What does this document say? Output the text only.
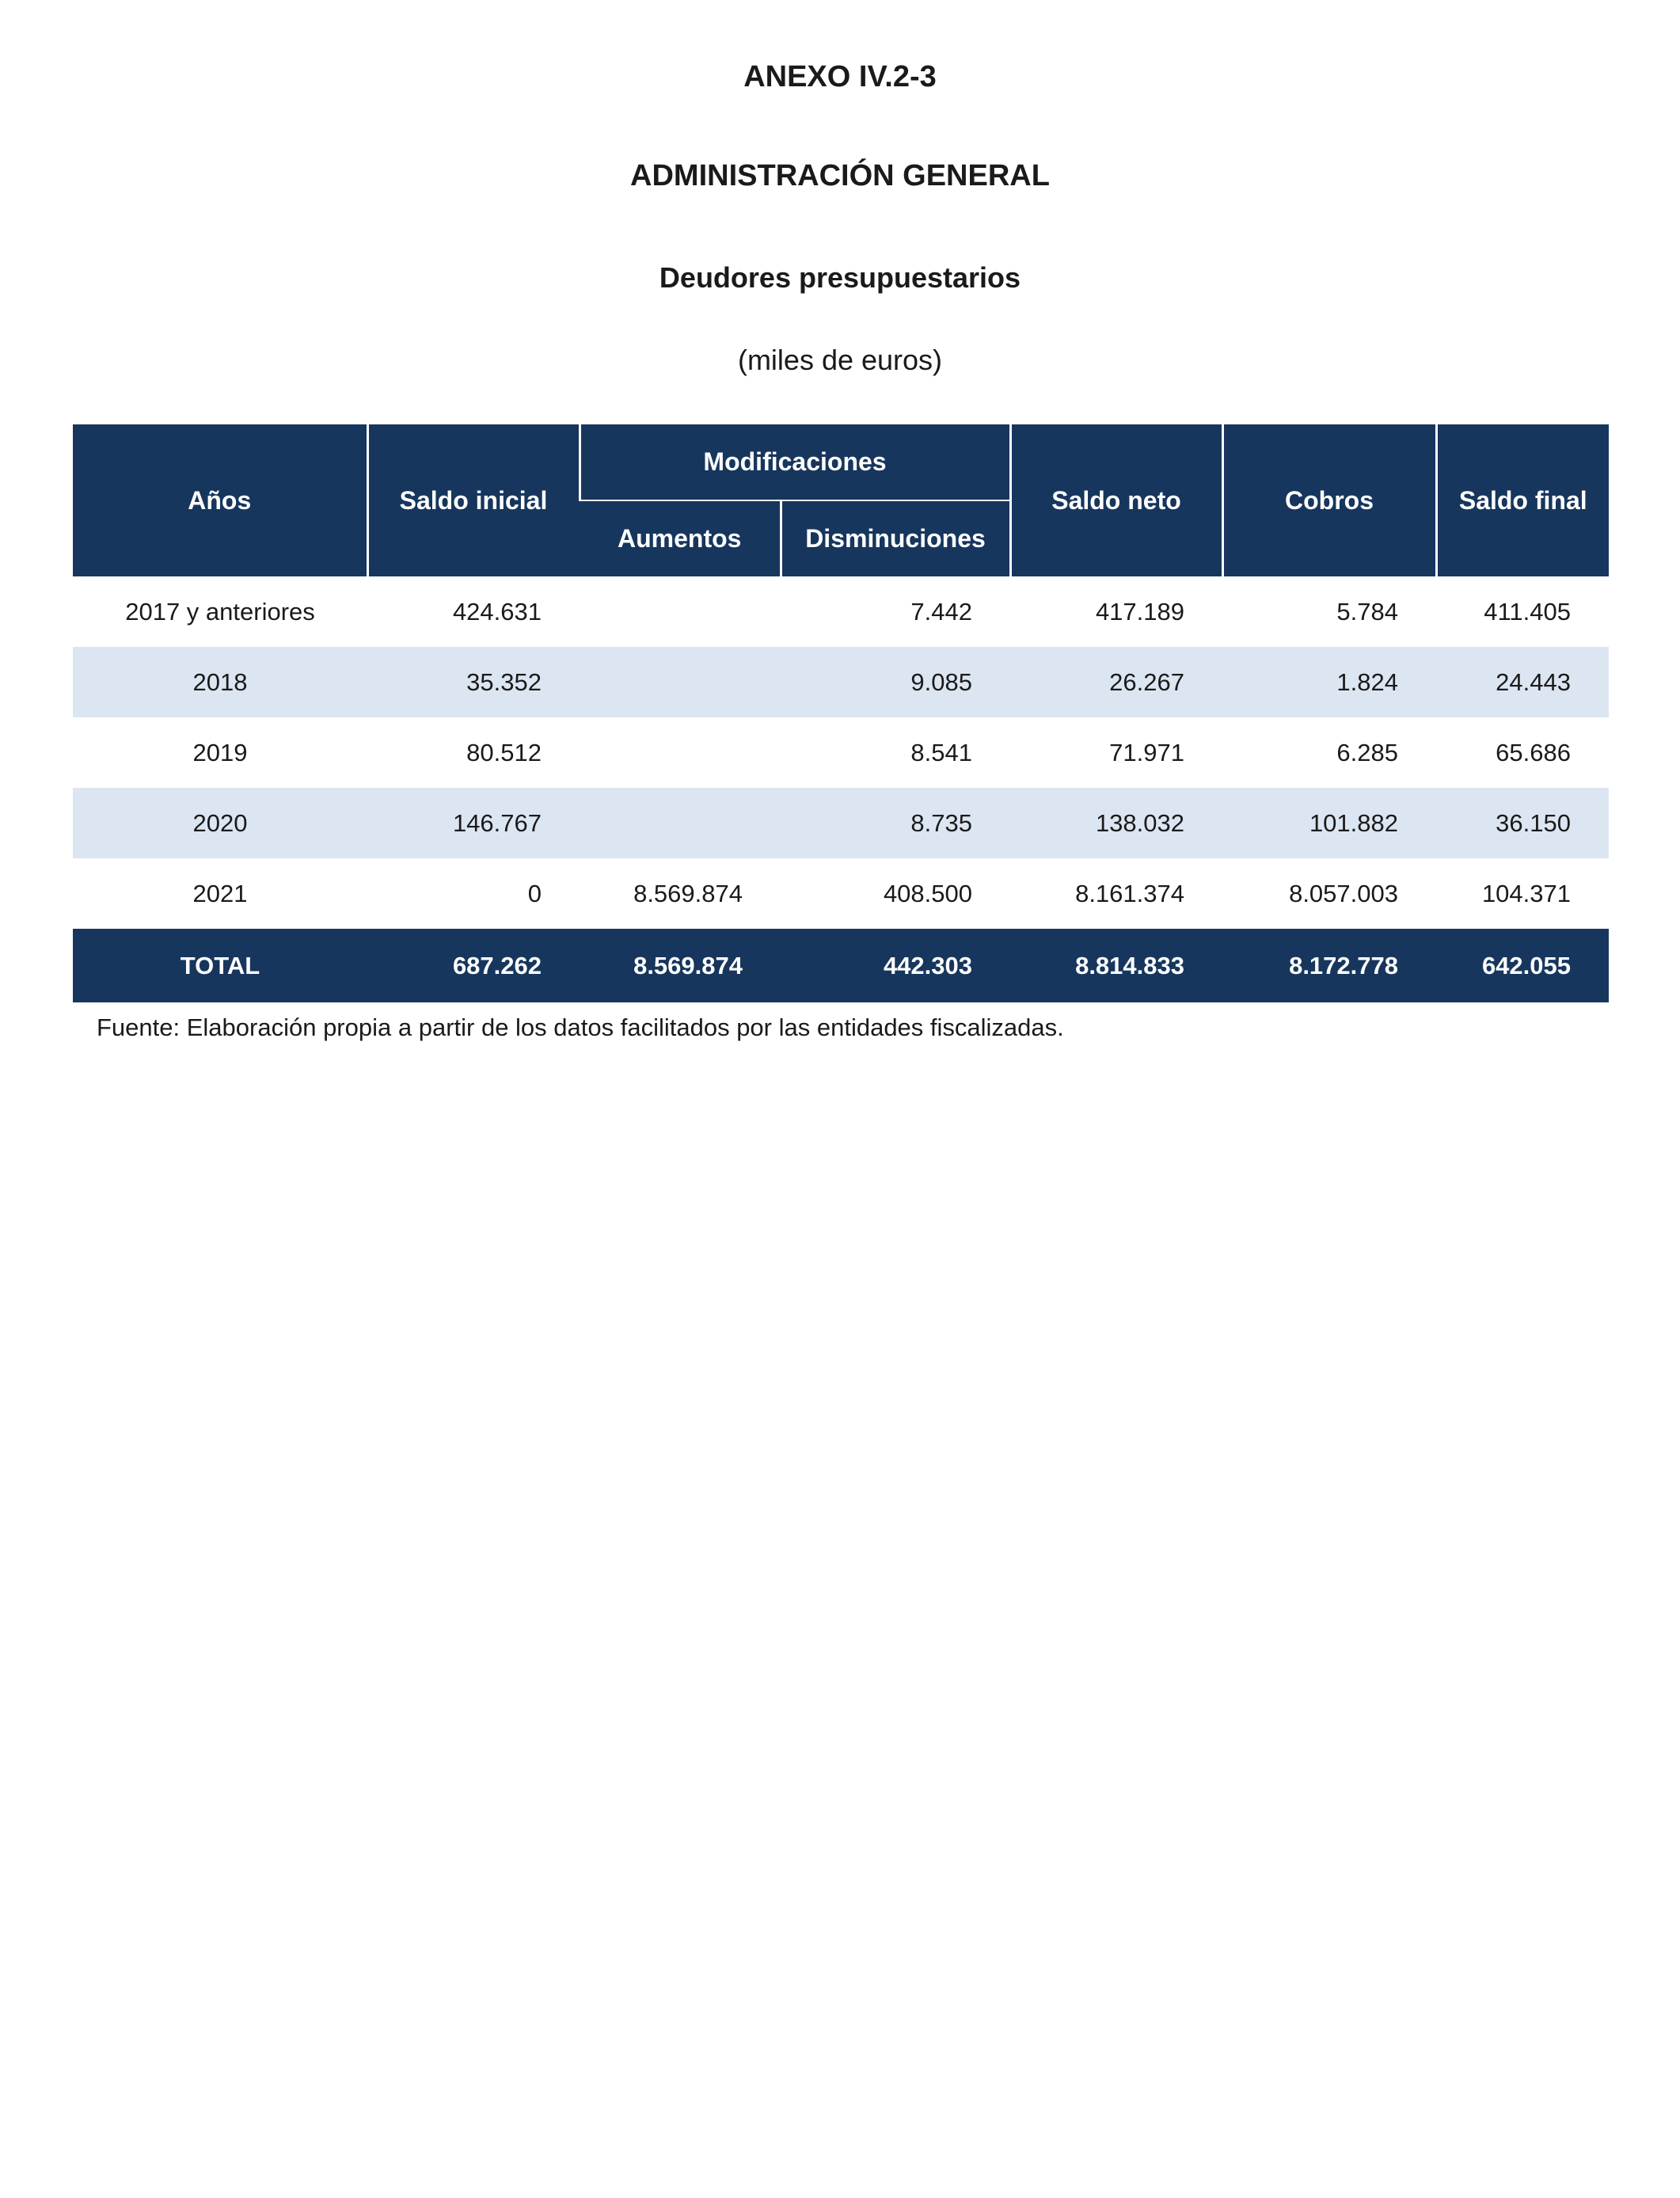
ANEXO IV.2-3
ADMINISTRACIÓN GENERAL
Deudores presupuestarios
(miles de euros)
Años	Saldo inicial	Modificaciones		Saldo neto	Cobros	Saldo final
		Aumentos	Disminuciones			
2017 y anteriores	424.631		7.442	417.189	5.784	411.405
2018	35.352		9.085	26.267	1.824	24.443
2019	80.512		8.541	71.971	6.285	65.686
2020	146.767		8.735	138.032	101.882	36.150
2021	0	8.569.874	408.500	8.161.374	8.057.003	104.371
TOTAL	687.262	8.569.874	442.303	8.814.833	8.172.778	642.055
Fuente: Elaboración propia a partir de los datos facilitados por las entidades fiscalizadas.
